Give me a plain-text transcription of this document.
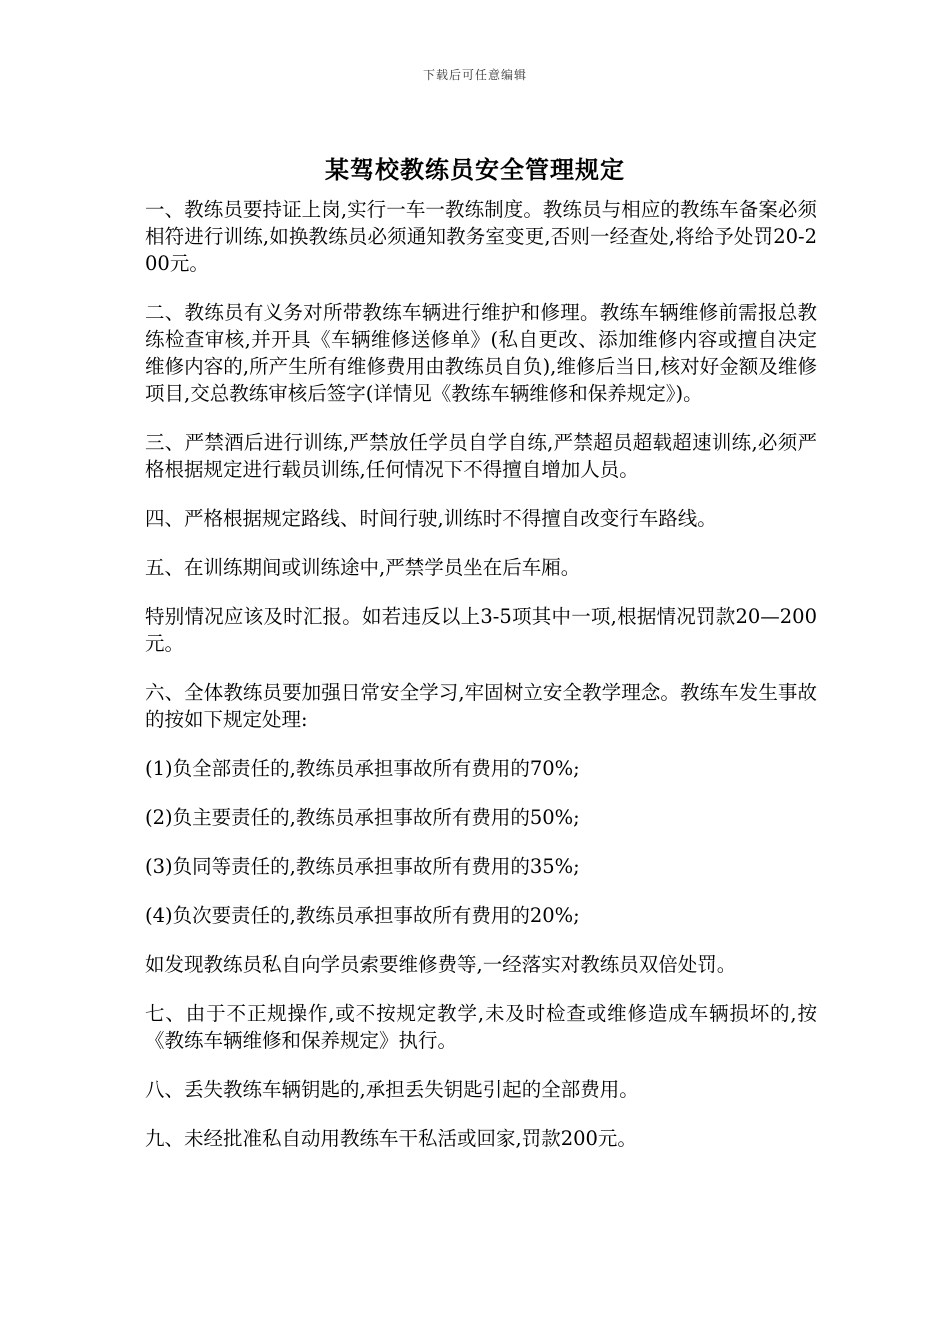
下载后可任意编辑
某驾校教练员安全管理规定

一、教练员要持证上岗,实行一车一教练制度。教练员与相应的教练车备案必须相符进行训练,如换教练员必须通知教务室变更,否则一经查处,将给予处罚20-200元。

二、教练员有义务对所带教练车辆进行维护和修理。教练车辆维修前需报总教练检查审核,并开具《车辆维修送修单》(私自更改、添加维修内容或擅自决定维修内容的,所产生所有维修费用由教练员自负),维修后当日,核对好金额及维修项目,交总教练审核后签字(详情见《教练车辆维修和保养规定》)。

三、严禁酒后进行训练,严禁放任学员自学自练,严禁超员超载超速训练,必须严格根据规定进行载员训练,任何情况下不得擅自增加人员。

四、严格根据规定路线、时间行驶,训练时不得擅自改变行车路线。

五、在训练期间或训练途中,严禁学员坐在后车厢。

特别情况应该及时汇报。如若违反以上3-5项其中一项,根据情况罚款20—200元。

六、全体教练员要加强日常安全学习,牢固树立安全教学理念。教练车发生事故的按如下规定处理:

(1)负全部责任的,教练员承担事故所有费用的70%;

(2)负主要责任的,教练员承担事故所有费用的50%;

(3)负同等责任的,教练员承担事故所有费用的35%;

(4)负次要责任的,教练员承担事故所有费用的20%;

如发现教练员私自向学员索要维修费等,一经落实对教练员双倍处罚。

七、由于不正规操作,或不按规定教学,未及时检查或维修造成车辆损坏的,按《教练车辆维修和保养规定》执行。

八、丢失教练车辆钥匙的,承担丢失钥匙引起的全部费用。

九、未经批准私自动用教练车干私活或回家,罚款200元。
